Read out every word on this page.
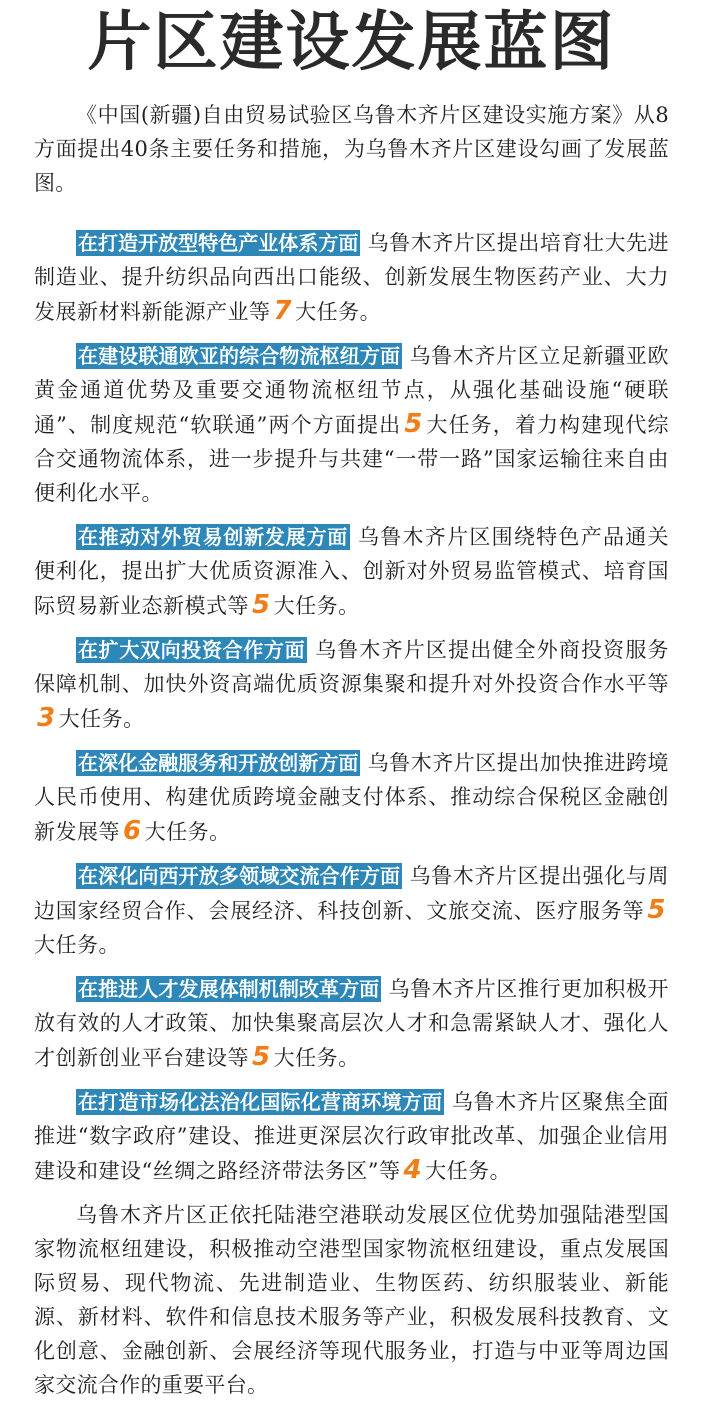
片区建设发展蓝图

《中国(新疆)自由贸易试验区乌鲁木齐片区建设实施方案》从8方面提出40条主要任务和措施，为乌鲁木齐片区建设勾画了发展蓝图。

在打造开放型特色产业体系方面 乌鲁木齐片区提出培育壮大先进制造业、提升纺织品向西出口能级、创新发展生物医药产业、大力发展新材料新能源产业等 7 大任务。

在建设联通欧亚的综合物流枢纽方面 乌鲁木齐片区立足新疆亚欧黄金通道优势及重要交通物流枢纽节点，从强化基础设施“硬联通”、制度规范“软联通”两个方面提出 5 大任务，着力构建现代综合交通物流体系，进一步提升与共建“一带一路”国家运输往来自由便利化水平。

在推动对外贸易创新发展方面 乌鲁木齐片区围绕特色产品通关便利化，提出扩大优质资源准入、创新对外贸易监管模式、培育国际贸易新业态新模式等 5 大任务。

在扩大双向投资合作方面 乌鲁木齐片区提出健全外商投资服务保障机制、加快外资高端优质资源集聚和提升对外投资合作水平等3 大任务。

在深化金融服务和开放创新方面 乌鲁木齐片区提出加快推进跨境人民币使用、构建优质跨境金融支付体系、推动综合保税区金融创新发展等 6 大任务。

在深化向西开放多领域交流合作方面 乌鲁木齐片区提出强化与周边国家经贸合作、会展经济、科技创新、文旅交流、医疗服务等 5大任务。

在推进人才发展体制机制改革方面 乌鲁木齐片区推行更加积极开放有效的人才政策、加快集聚高层次人才和急需紧缺人才、强化人才创新创业平台建设等 5 大任务。

在打造市场化法治化国际化营商环境方面 乌鲁木齐片区聚焦全面推进“数字政府”建设、推进更深层次行政审批改革、加强企业信用建设和建设“丝绸之路经济带法务区”等 4 大任务。

乌鲁木齐片区正依托陆港空港联动发展区位优势加强陆港型国家物流枢纽建设，积极推动空港型国家物流枢纽建设，重点发展国际贸易、现代物流、先进制造业、生物医药、纺织服装业、新能源、新材料、软件和信息技术服务等产业，积极发展科技教育、文化创意、金融创新、会展经济等现代服务业，打造与中亚等周边国家交流合作的重要平台。
